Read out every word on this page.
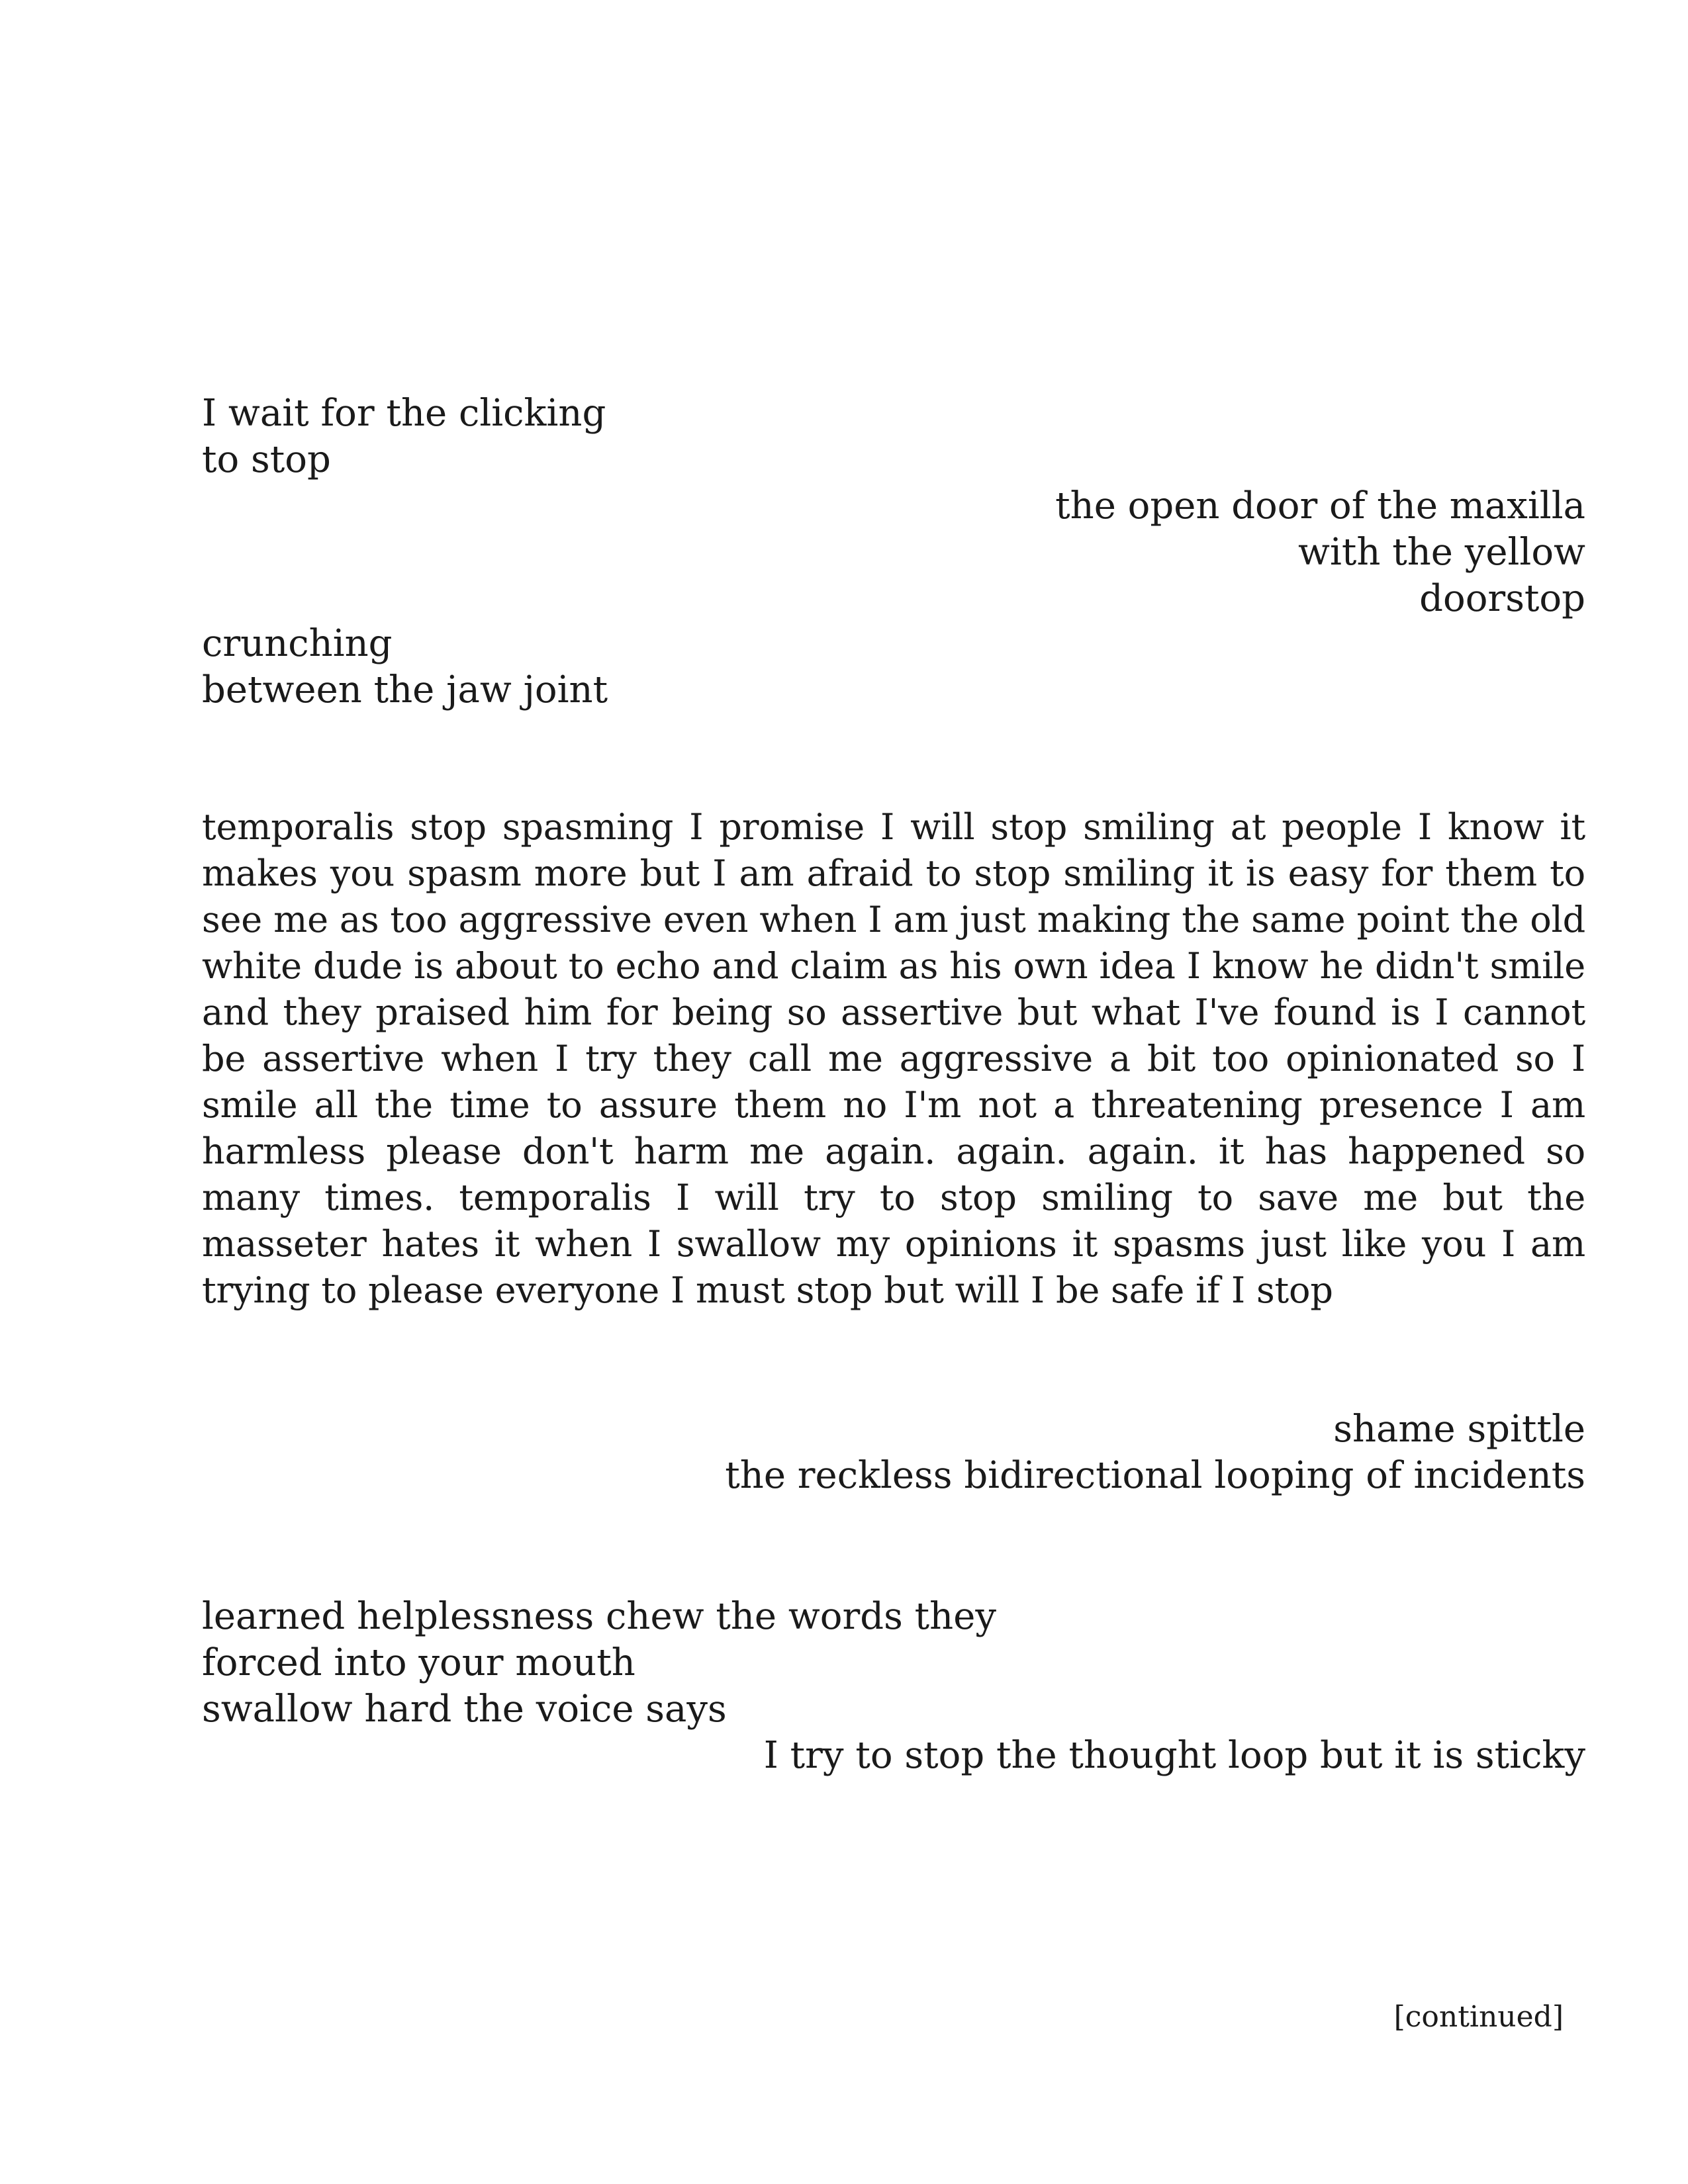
I wait for the clicking
to stop
the open door of the maxilla
with the yellow
doorstop
crunching
between the jaw joint

temporalis stop spasming I promise I will stop smiling at people I know it makes you spasm more but I am afraid to stop smiling it is easy for them to see me as too aggressive even when I am just making the same point the old white dude is about to echo and claim as his own idea I know he didn't smile and they praised him for being so assertive but what I've found is I cannot be assertive when I try they call me aggressive a bit too opinionated so I smile all the time to assure them no I'm not a threatening presence I am harmless please don't harm me again. again. again. it has happened so many times. temporalis I will try to stop smiling to save me but the masseter hates it when I swallow my opinions it spasms just like you I am trying to please everyone I must stop but will I be safe if I stop

shame spittle
the reckless bidirectional looping of incidents
learned helplessness chew the words they
forced into your mouth
swallow hard the voice says
I try to stop the thought loop but it is sticky
[continued]
